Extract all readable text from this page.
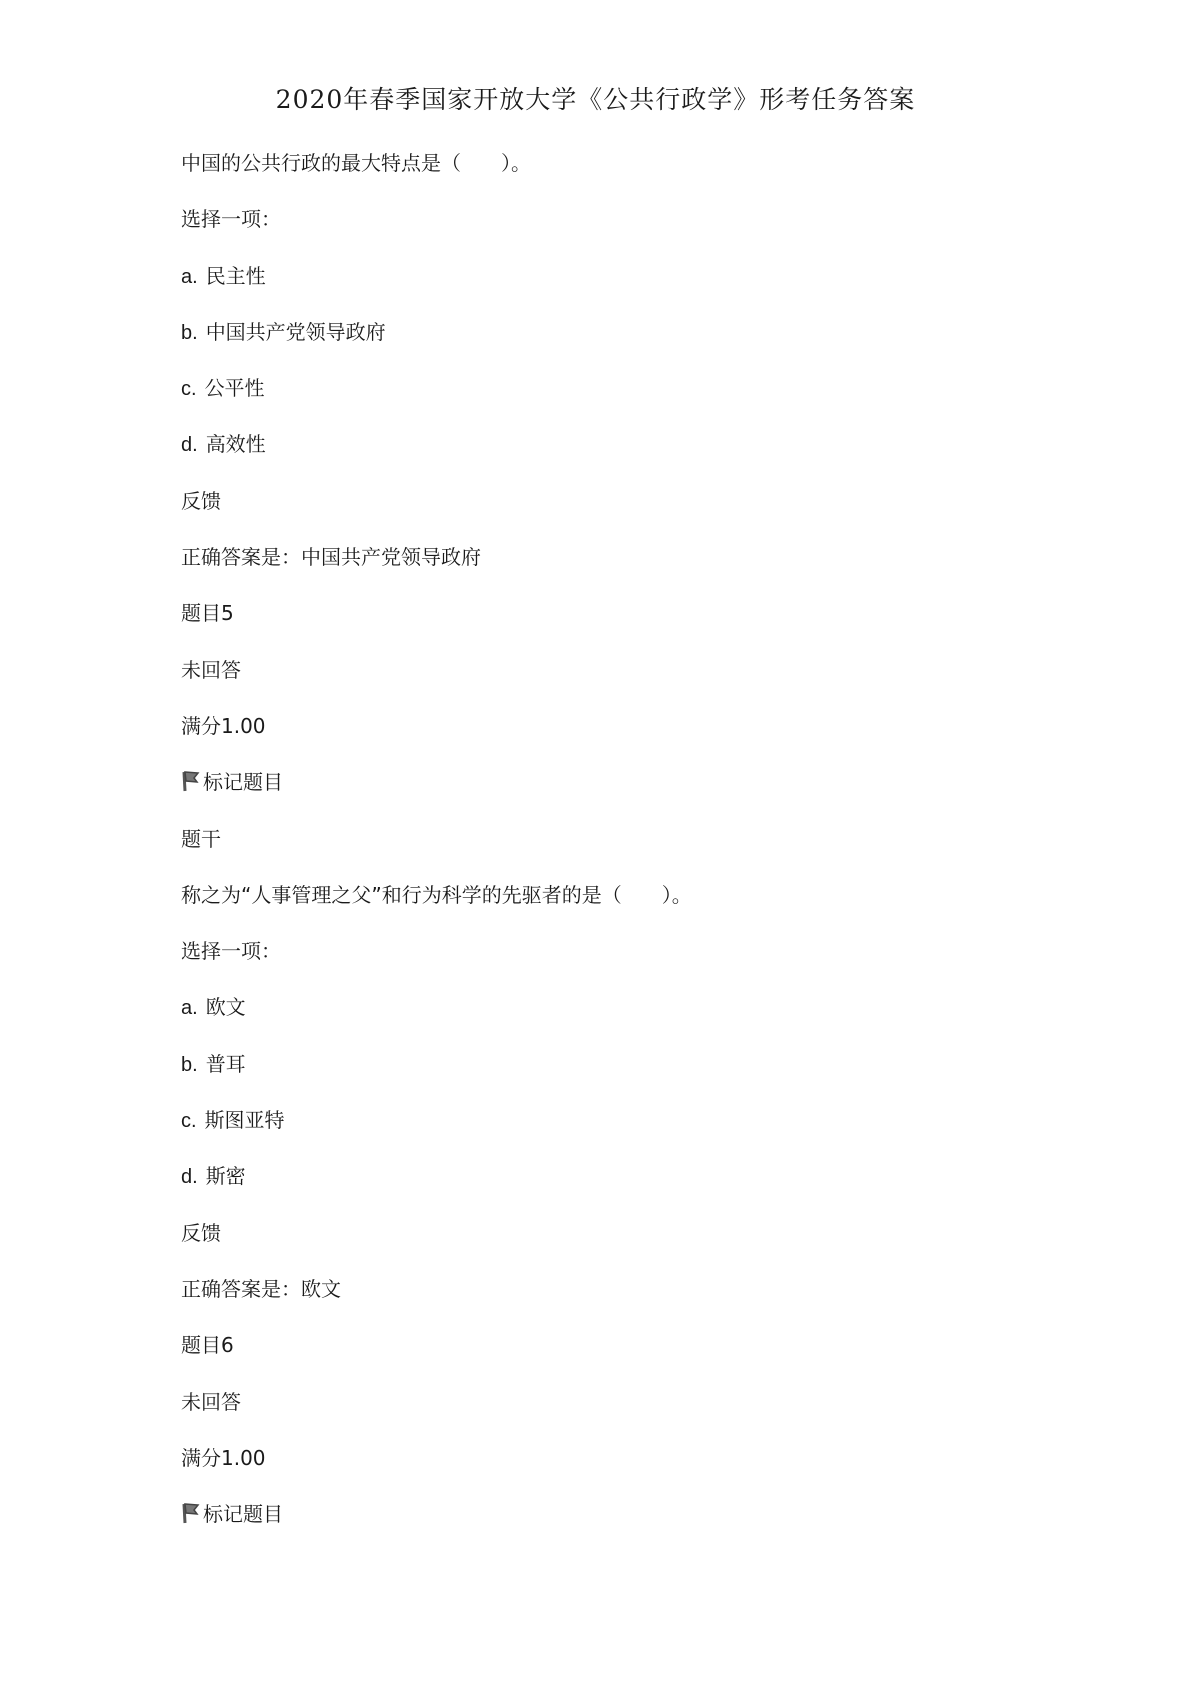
2020年春季国家开放大学《公共行政学》形考任务答案
中国的公共行政的最大特点是（　　）。
选择一项：
a. 民主性
b. 中国共产党领导政府
c. 公平性
d. 高效性
反馈
正确答案是：中国共产党领导政府
题目5
未回答
满分1.00
标记题目
题干
称之为“人事管理之父”和行为科学的先驱者的是（　　）。
选择一项：
a. 欧文
b. 普耳
c. 斯图亚特
d. 斯密
反馈
正确答案是：欧文
题目6
未回答
满分1.00
标记题目
